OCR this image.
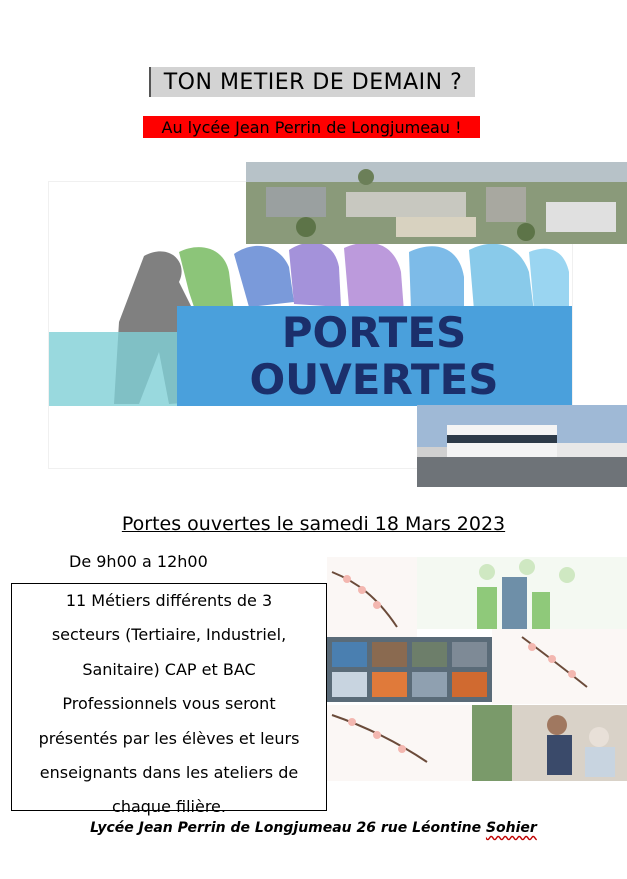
TON METIER DE DEMAIN ?
Au lycée Jean Perrin de Longjumeau !
PORTES
OUVERTES
Portes ouvertes le samedi 18 Mars 2023
De 9h00 a 12h00
11 Métiers différents de 3 secteurs (Tertiaire, Industriel, Sanitaire) CAP et BAC Professionnels vous seront présentés par les élèves et leurs enseignants dans les ateliers de chaque filière.
Lycée Jean Perrin de Longjumeau 26 rue Léontine Sohier
